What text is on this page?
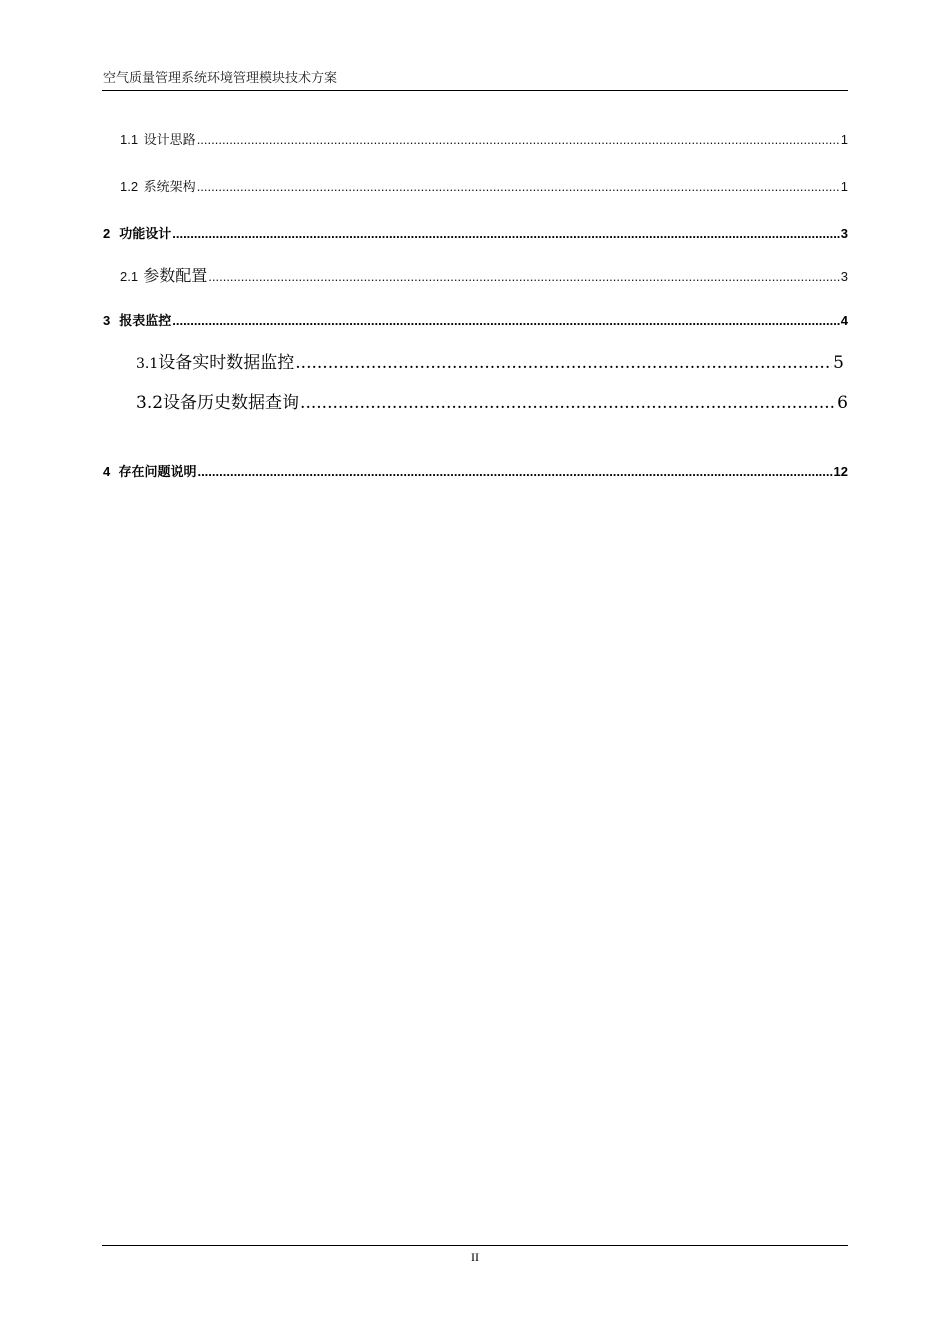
空气质量管理系统环境管理模块技术方案
1.1 设计思路 .....	1
1.2 系统架构 .....	1
2 功能设计 .....	3
2.1 参数配置 .....	3
3 报表监控 .....	4
3.1 设备实时数据监控 .....	5
3.2 设备历史数据查询 .....	6
4 存在问题说明 .....	12
II
